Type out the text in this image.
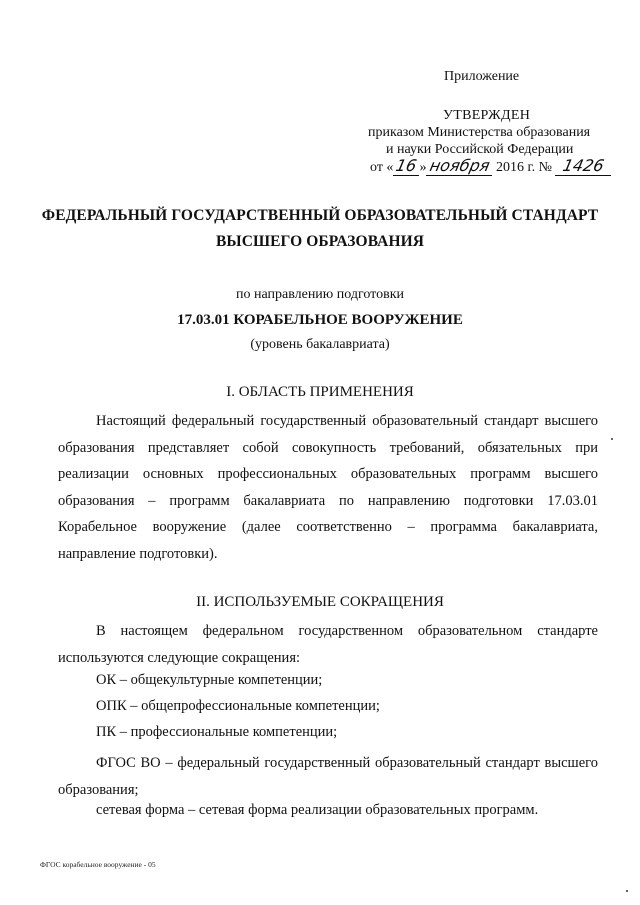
Приложение
УТВЕРЖДЕН
приказом Министерства образования
и науки Российской Федерации
от «16»ноября 2016 г. № 1426
ФЕДЕРАЛЬНЫЙ ГОСУДАРСТВЕННЫЙ ОБРАЗОВАТЕЛЬНЫЙ СТАНДАРТ
ВЫСШЕГО ОБРАЗОВАНИЯ
по направлению подготовки
17.03.01 КОРАБЕЛЬНОЕ ВООРУЖЕНИЕ
(уровень бакалавриата)
I. ОБЛАСТЬ ПРИМЕНЕНИЯ
Настоящий федеральный государственный образовательный стандарт высшего образования представляет собой совокупность требований, обязательных при реализации основных профессиональных образовательных программ высшего образования – программ бакалавриата по направлению подготовки 17.03.01 Корабельное вооружение (далее соответственно – программа бакалавриата, направление подготовки).
II. ИСПОЛЬЗУЕМЫЕ СОКРАЩЕНИЯ
В настоящем федеральном государственном образовательном стандарте используются следующие сокращения:
ОК – общекультурные компетенции;
ОПК – общепрофессиональные компетенции;
ПК – профессиональные компетенции;
ФГОС ВО – федеральный государственный образовательный стандарт высшего образования;
сетевая форма – сетевая форма реализации образовательных программ.
ФГОС корабельное вооружение - 05
